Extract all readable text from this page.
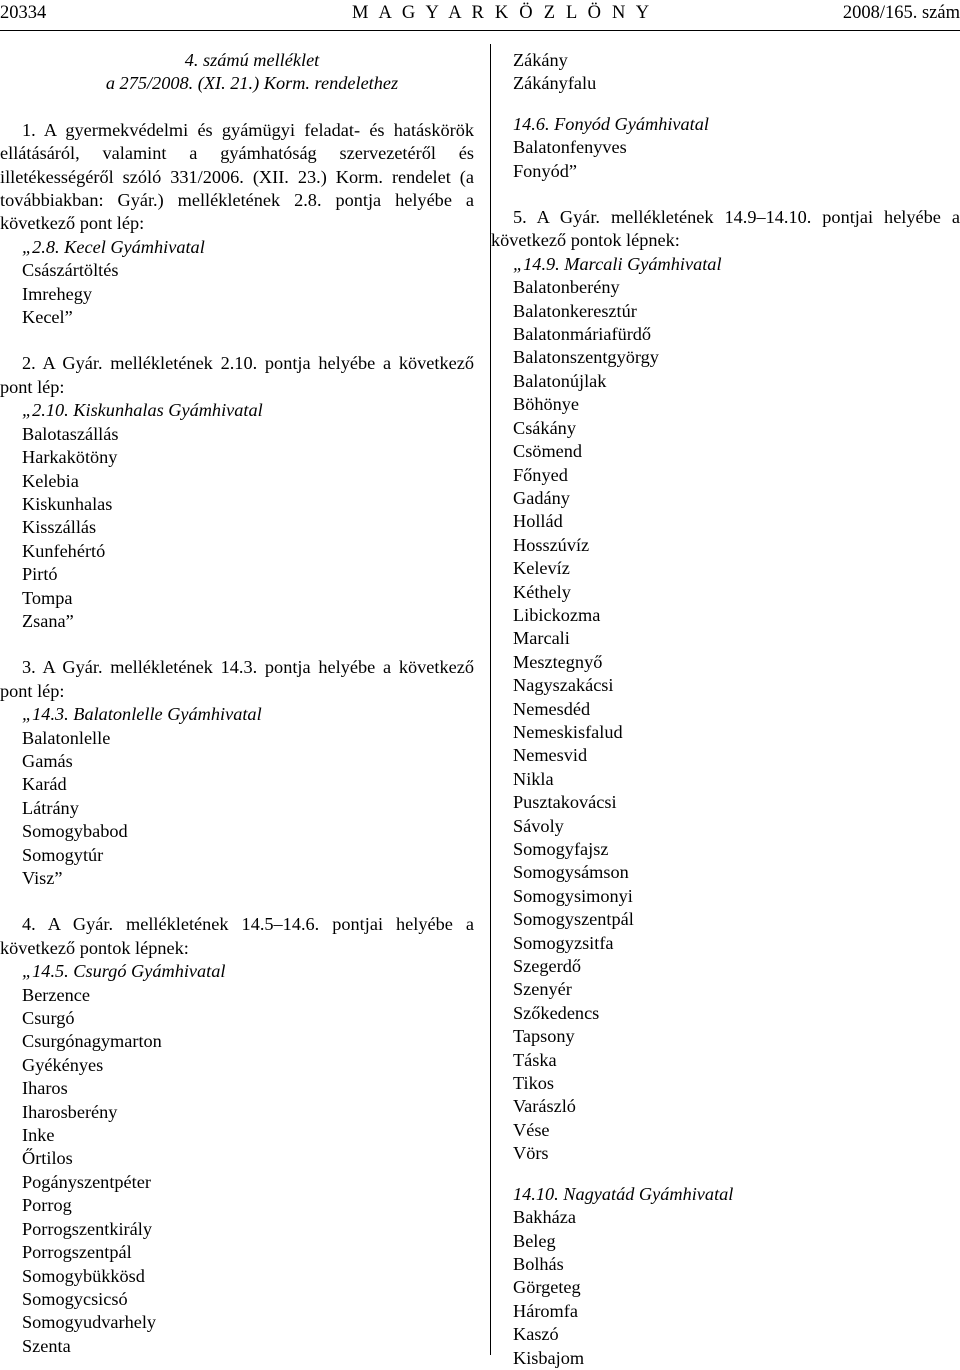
20334	M A G Y A R K Ö Z L Ö N Y	2008/165. szám
4. számú melléklet
a 275/2008. (XI. 21.) Korm. rendelethez
1. A gyermekvédelmi és gyámügyi feladat- és hatáskörök ellátásáról, valamint a gyámhatóság szervezetéről és illetékességéről szóló 331/2006. (XII. 23.) Korm. rendelet (a továbbiakban: Gyár.) mellékletének 2.8. pontja helyébe a következő pont lép:
„2.8. Kecel Gyámhivatal
Császártöltés
Imrehegy
Kecel”
2. A Gyár. mellékletének 2.10. pontja helyébe a következő pont lép:
„2.10. Kiskunhalas Gyámhivatal
Balotaszállás
Harkakötöny
Kelebia
Kiskunhalas
Kisszállás
Kunfehértó
Pirtó
Tompa
Zsana”
3. A Gyár. mellékletének 14.3. pontja helyébe a következő pont lép:
„14.3. Balatonlelle Gyámhivatal
Balatonlelle
Gamás
Karád
Látrány
Somogybabod
Somogytúr
Visz”
4. A Gyár. mellékletének 14.5–14.6. pontjai helyébe a következő pontok lépnek:
„14.5. Csurgó Gyámhivatal
Berzence
Csurgó
Csurgónagymarton
Gyékényes
Iharos
Iharosberény
Inke
Őrtilos
Pogányszentpéter
Porrog
Porrogszentkirály
Porrogszentpál
Somogybükkösd
Somogycsicsó
Somogyudvarhely
Szenta
Zákány
Zákányfalu
14.6. Fonyód Gyámhivatal
Balatonfenyves
Fonyód”
5. A Gyár. mellékletének 14.9–14.10. pontjai helyébe a következő pontok lépnek:
„14.9. Marcali Gyámhivatal
Balatonberény
Balatonkeresztúr
Balatonmáriafürdő
Balatonszentgyörgy
Balatonújlak
Böhönye
Csákány
Csömend
Főnyed
Gadány
Hollád
Hosszúvíz
Kelevíz
Kéthely
Libickozma
Marcali
Mesztegnyő
Nagyszakácsi
Nemesdéd
Nemeskisfalud
Nemesvid
Nikla
Pusztakovácsi
Sávoly
Somogyfajsz
Somogysámson
Somogysimonyi
Somogyszentpál
Somogyzsitfa
Szegerdő
Szenyér
Szőkedencs
Tapsony
Táska
Tikos
Varászló
Vése
Vörs
14.10. Nagyatád Gyámhivatal
Bakháza
Beleg
Bolhás
Görgeteg
Háromfa
Kaszó
Kisbajom
